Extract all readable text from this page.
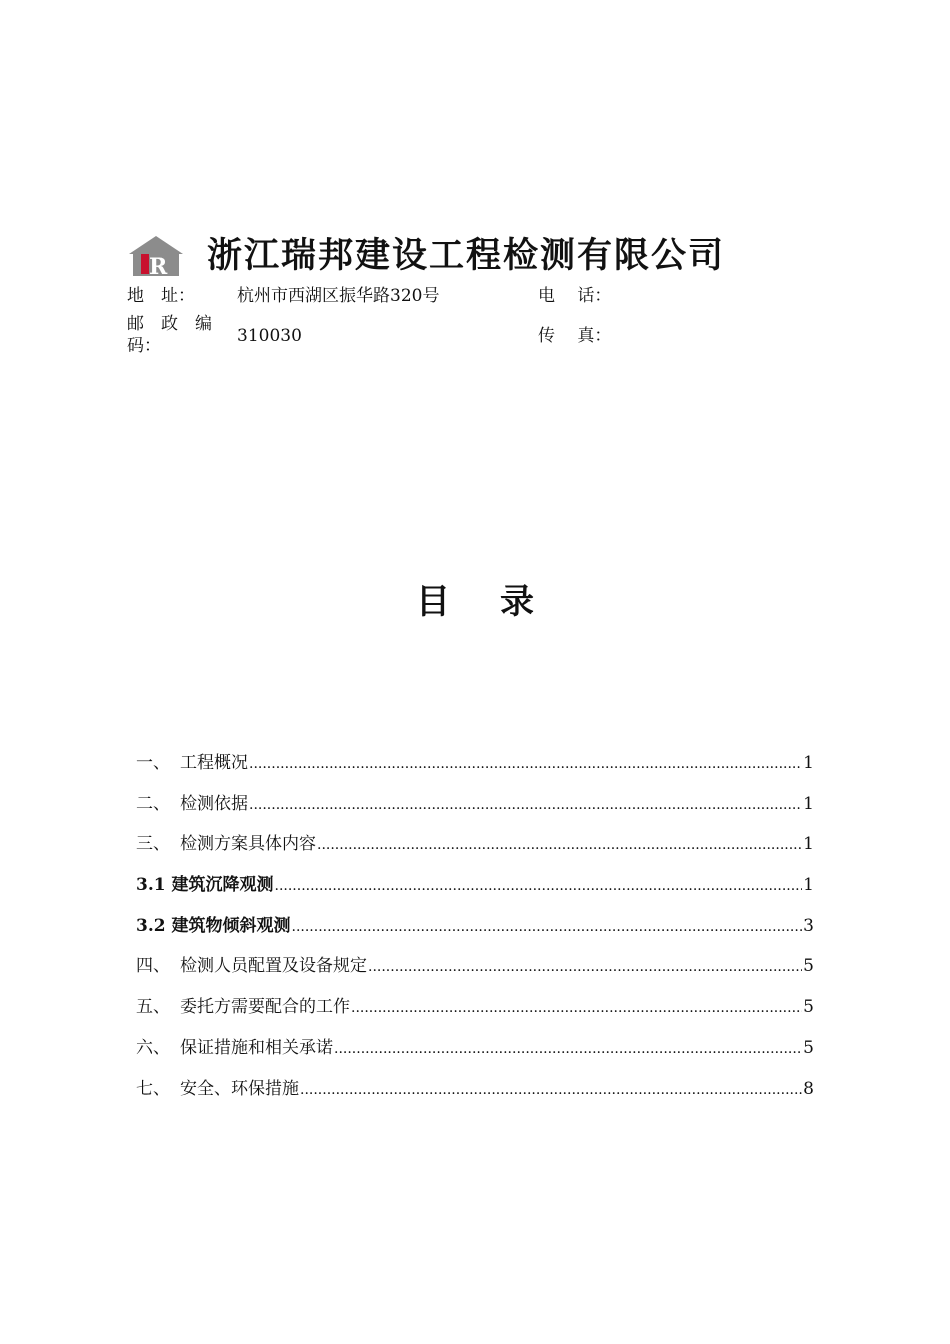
R 浙江瑞邦建设工程检测有限公司
地　址： 杭州市西湖区振华路320号	电　 话：
邮　政　编码：	310030	传　 真：
目 录
一、 工程概况 .....	1
二、 检测依据 .....	1
三、 检测方案具体内容 .....	1
3.1 建筑沉降观测 .....	1
3.2 建筑物倾斜观测 .....	3
四、 检测人员配置及设备规定 .....	5
五、 委托方需要配合的工作 .....	5
六、 保证措施和相关承诺 .....	5
七、 安全、环保措施 .....	8
